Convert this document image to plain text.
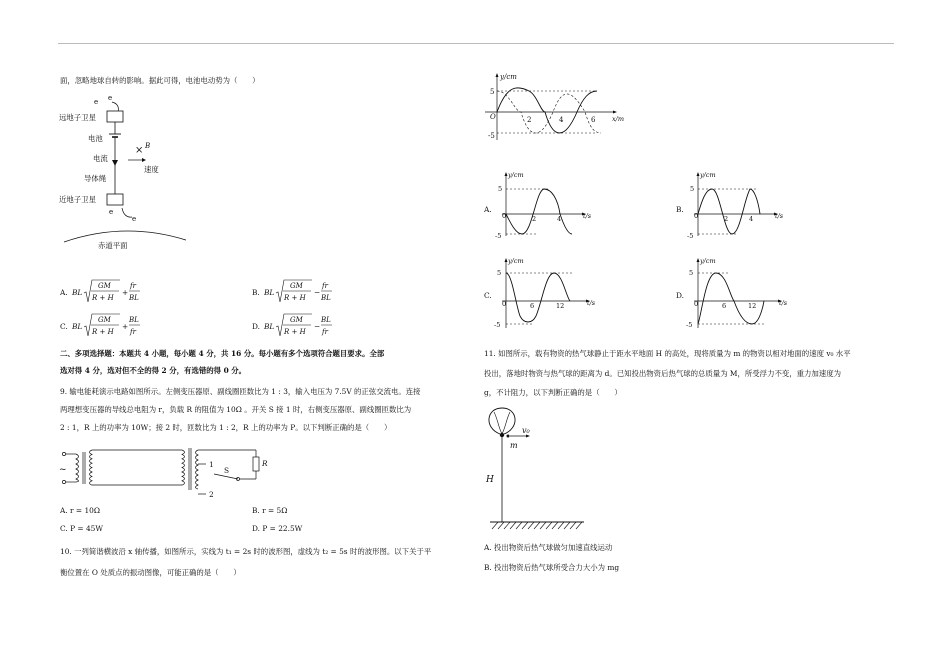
面，忽略地球自转的影响。据此可得，电池电动势为（　　）
e e
远地子卫星
电池
× B
电流
速度
导体绳
近地子卫星
e
e
赤道平面
A. BL
GM
R + H
+
fr
BL
B. BL
GM
R + H
−
fr
BL
C. BL
GM
R + H
+
BL
fr
D. BL
GM
R + H
−
BL
fr
二、多项选择题：本题共 4 小题，每小题 4 分，共 16 分。每小题有多个选项符合题目要求。全部
选对得 4 分，选对但不全的得 2 分，有选错的得 0 分。
9. 输电能耗演示电路如图所示。左侧变压器原、副线圈匝数比为 1 : 3，输入电压为 7.5V 的正弦交流电。连接
两理想变压器的导线总电阻为 r，负载 R 的阻值为 10Ω 。开关 S 接 1 时，右侧变压器原、副线圈匝数比为
2 : 1，R 上的功率为 10W；接 2 时，匝数比为 1 : 2，R 上的功率为 P。以下判断正确的是（　　）
~
1
2
S
R
A. r = 10Ω	B. r = 5Ω
C. P = 45W	D. P = 22.5W
10. 一列简谐横波沿 x 轴传播，如图所示，实线为 t₁ = 2s 时的波形图，虚线为 t₂ = 5s 时的波形图。以下关于平
衡位置在 O 处质点的振动图像，可能正确的是（　　）
y/cm
x/m
O
5
-5
2	4	6
A.
y/cm
t/s
0
5
-5
2	4
B.
y/cm
t/s
0
5
-5
2	4
C.
y/cm
t/s
0
5
-5
6	12
D.
y/cm
t/s
0
5
-5
6	12
11. 如图所示，载有物资的热气球静止于距水平地面 H 的高处，现将质量为 m 的物资以相对地面的速度 v₀ 水平
投出，落地时物资与热气球的距离为 d。已知投出物资后热气球的总质量为 M，所受浮力不变，重力加速度为
g，不计阻力，以下判断正确的是（　　）
v₀
m
H
A. 投出物资后热气球做匀加速直线运动
B. 投出物资后热气球所受合力大小为 mg
